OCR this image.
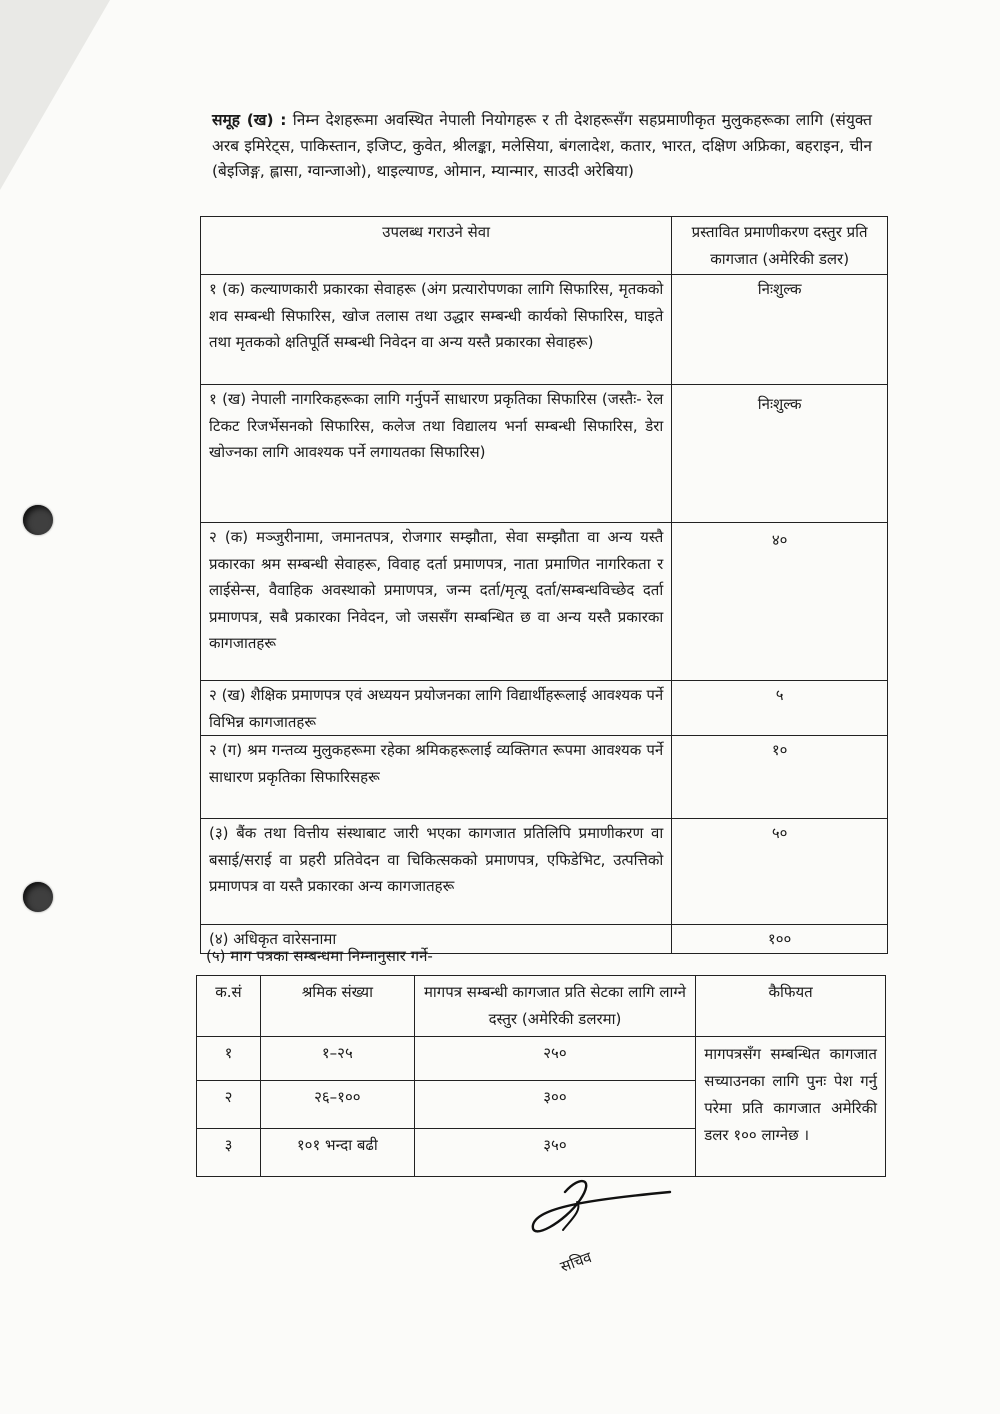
समूह (ख) : निम्न देशहरूमा अवस्थित नेपाली नियोगहरू र ती देशहरूसँग सहप्रमाणीकृत मुलुकहरूका लागि (संयुक्त अरब इमिरेट्स, पाकिस्तान, इजिप्ट, कुवेत, श्रीलङ्का, मलेसिया, बंगलादेश, कतार, भारत, दक्षिण अफ्रिका, बहराइन, चीन (बेइजिङ्ग, ह्लासा, ग्वान्जाओ), थाइल्याण्ड, ओमान, म्यान्मार, साउदी अरेबिया)
उपलब्ध गराउने सेवा	प्रस्तावित प्रमाणीकरण दस्तुर प्रति कागजात (अमेरिकी डलर)
१ (क) कल्याणकारी प्रकारका सेवाहरू (अंग प्रत्यारोपणका लागि सिफारिस, मृतकको शव सम्बन्धी सिफारिस, खोज तलास तथा उद्धार सम्बन्धी कार्यको सिफारिस, घाइते तथा मृतकको क्षतिपूर्ति सम्बन्धी निवेदन वा अन्य यस्तै प्रकारका सेवाहरू)	निःशुल्क
१ (ख) नेपाली नागरिकहरूका लागि गर्नुपर्ने साधारण प्रकृतिका सिफारिस (जस्तैः- रेल टिकट रिजर्भेसनको सिफारिस, कलेज तथा विद्यालय भर्ना सम्बन्धी सिफारिस, डेरा खोज्नका लागि आवश्यक पर्ने लगायतका सिफारिस)	निःशुल्क
२ (क) मञ्जुरीनामा, जमानतपत्र, रोजगार सम्झौता, सेवा सम्झौता वा अन्य यस्तै प्रकारका श्रम सम्बन्धी सेवाहरू, विवाह दर्ता प्रमाणपत्र, नाता प्रमाणित नागरिकता र लाईसेन्स, वैवाहिक अवस्थाको प्रमाणपत्र, जन्म दर्ता/मृत्यू दर्ता/सम्बन्धविच्छेद दर्ता प्रमाणपत्र, सबै प्रकारका निवेदन, जो जससँग सम्बन्धित छ वा अन्य यस्तै प्रकारका कागजातहरू	४०
२ (ख) शैक्षिक प्रमाणपत्र एवं अध्ययन प्रयोजनका लागि विद्यार्थीहरूलाई आवश्यक पर्ने विभिन्न कागजातहरू	५
२ (ग) श्रम गन्तव्य मुलुकहरूमा रहेका श्रमिकहरूलाई व्यक्तिगत रूपमा आवश्यक पर्ने साधारण प्रकृतिका सिफारिसहरू	१०
(३) बैंक तथा वित्तीय संस्थाबाट जारी भएका कागजात प्रतिलिपि प्रमाणीकरण वा बसाई/सराई वा प्रहरी प्रतिवेदन वा चिकित्सकको प्रमाणपत्र, एफिडेभिट, उत्पत्तिको प्रमाणपत्र वा यस्तै प्रकारका अन्य कागजातहरू	५०
(४) अधिकृत वारेसनामा	१००
(५) माग पत्रका सम्बन्धमा निम्नानुसार गर्ने-
क.सं	श्रमिक संख्या	मागपत्र सम्बन्धी कागजात प्रति सेटका लागि लाग्ने दस्तुर (अमेरिकी डलरमा)	कैफियत
१	१–२५	२५०	मागपत्रसँग सम्बन्धित कागजात सच्याउनका लागि पुनः पेश गर्नु परेमा प्रति कागजात अमेरिकी डलर १०० लाग्नेछ ।
२	२६–१००	३००	
३	१०१ भन्दा बढी	३५०	
सचिव
